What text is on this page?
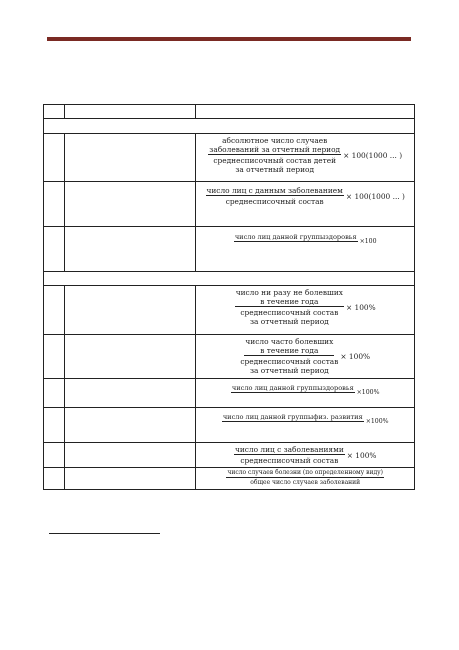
		абсолютное число случаев
заболеваний за отчетный период
среднесписочный состав детей
за отчетный период × 100(1000 ... )

		$\frac{\text{число лиц с данным заболеванием}}{\text{среднесписочный состав}} \times 100(1000$ ... )

		число лиц данной группыздоровья
×100

		число ни разу не болевших
в течение года
среднесписочный состав
за отчетный период × 100%

		число часто болевших
в течение года
среднесписочный состав
за отчетный период × 100%

		число лиц данной группыздоровья
×100%

		число лиц данной группыфиз. развития
×100%

		$\frac{\text{число лиц с заболеваниями}}{\text{среднесписочный состав}} \times 100\%$

		$\frac{\text{число случаев болезни (по определенному виду)}}{\text{общее число случаев заболеваний}}$
